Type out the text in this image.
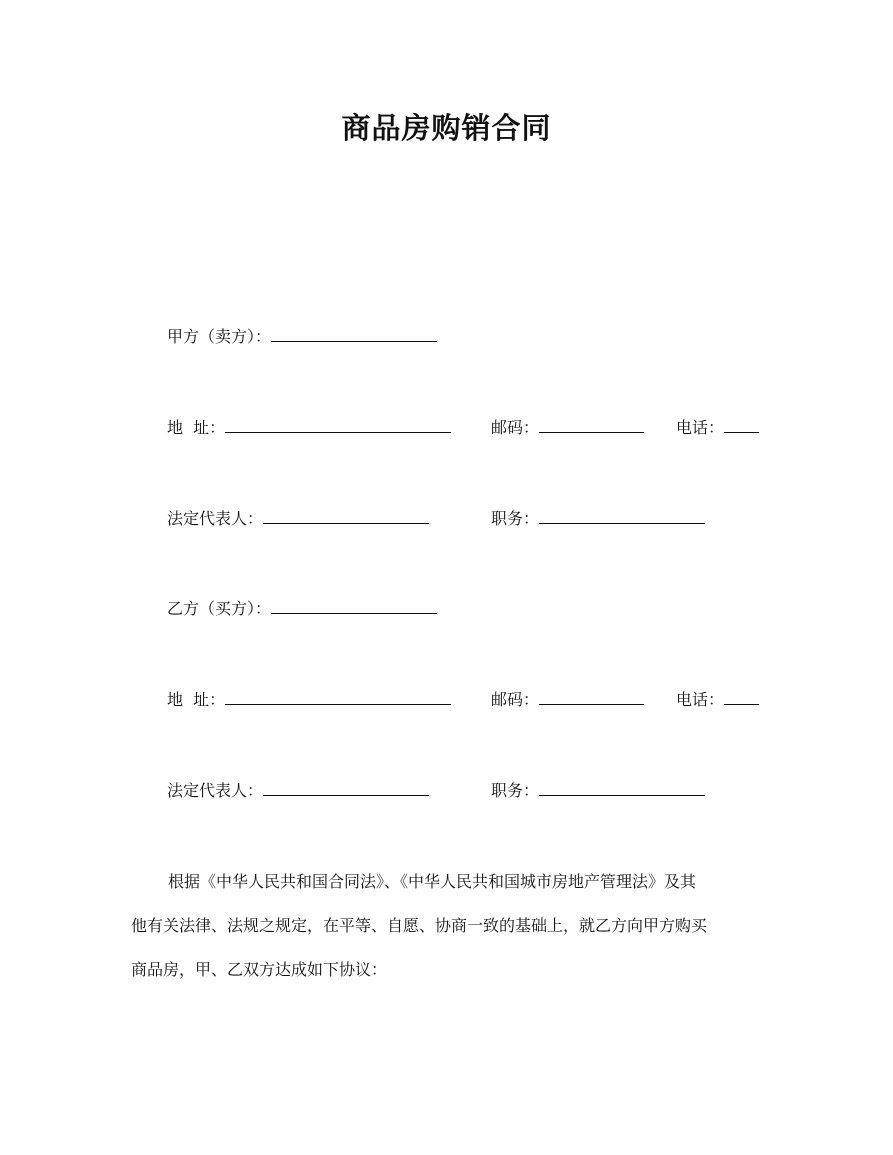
商品房购销合同
甲方（卖方）：
地  址：	邮码：	电话：
法定代表人：	职务：
乙方（买方）：
地  址：	邮码：	电话：
法定代表人：	职务：
根据《中华人民共和国合同法》、《中华人民共和国城市房地产管理法》及其
他有关法律、法规之规定，在平等、自愿、协商一致的基础上，就乙方向甲方购买
商品房，甲、乙双方达成如下协议：
